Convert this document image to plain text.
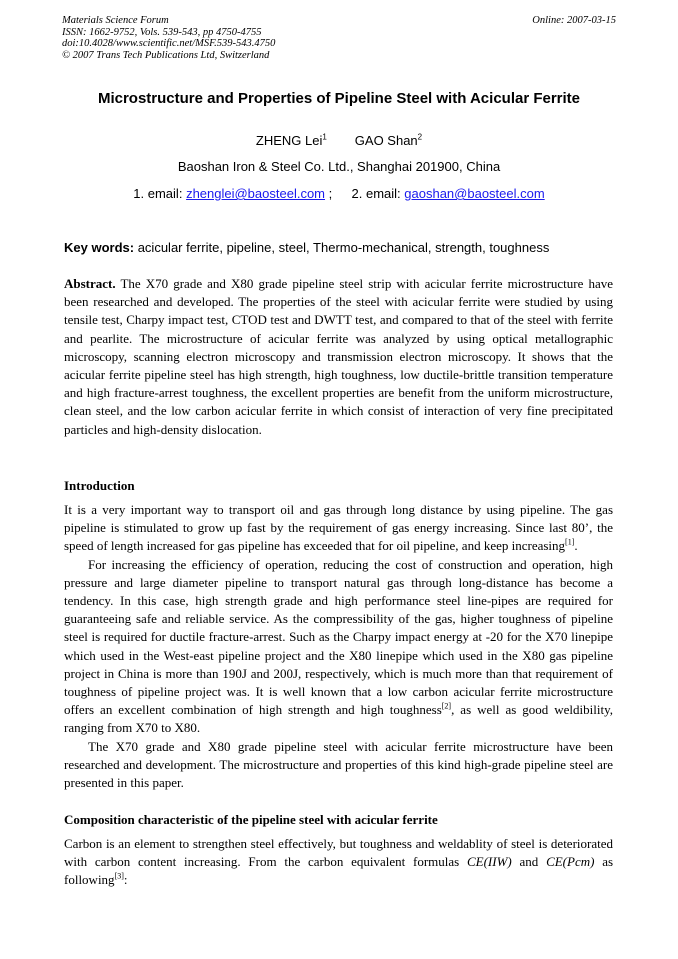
Materials Science Forum
ISSN: 1662-9752, Vols. 539-543, pp 4750-4755
doi:10.4028/www.scientific.net/MSF.539-543.4750
© 2007 Trans Tech Publications Ltd, Switzerland
Online: 2007-03-15
Microstructure and Properties of Pipeline Steel with Acicular Ferrite
ZHENG Lei$^1$ GAO Shan$^2$
Baoshan Iron & Steel Co. Ltd., Shanghai 201900, China
1. email: zhenglei@baosteel.com ; 2. email: gaoshan@baosteel.com
Key words: acicular ferrite, pipeline, steel, Thermo-mechanical, strength, toughness

Abstract. The X70 grade and X80 grade pipeline steel strip with acicular ferrite microstructure have been researched and developed. The properties of the steel with acicular ferrite were studied by using tensile test, Charpy impact test, CTOD test and DWTT test, and compared to that of the steel with ferrite and pearlite. The microstructure of acicular ferrite was analyzed by using optical metallographic microscopy, scanning electron microscopy and transmission electron microscopy. It shows that the acicular ferrite pipeline steel has high strength, high toughness, low ductile-brittle transition temperature and high fracture-arrest toughness, the excellent properties are benefit from the uniform microstructure, clean steel, and the low carbon acicular ferrite in which consist of interaction of very fine precipitated particles and high-density dislocation.

Introduction

It is a very important way to transport oil and gas through long distance by using pipeline. The gas pipeline is stimulated to grow up fast by the requirement of gas energy increasing. Since last 80’, the speed of length increased for gas pipeline has exceeded that for oil pipeline, and keep increasing[1].

For increasing the efficiency of operation, reducing the cost of construction and operation, high pressure and large diameter pipeline to transport natural gas through long-distance has become a tendency. In this case, high strength grade and high performance steel line-pipes are required for guaranteeing safe and reliable service. As the compressibility of the gas, higher toughness of pipeline steel is required for ductile fracture-arrest. Such as the Charpy impact energy at -20 for the X70 linepipe which used in the West-east pipeline project and the X80 linepipe which used in the X80 gas pipeline project in China is more than 190J and 200J, respectively, which is much more than that requirement of toughness of pipeline project was. It is well known that a low carbon acicular ferrite microstructure offers an excellent combination of high strength and high toughness[2], as well as good weldibility, ranging from X70 to X80.

The X70 grade and X80 grade pipeline steel with acicular ferrite microstructure have been researched and development. The microstructure and properties of this kind high-grade pipeline steel are presented in this paper.

Composition characteristic of the pipeline steel with acicular ferrite

Carbon is an element to strengthen steel effectively, but toughness and weldablity of steel is deteriorated with carbon content increasing. From the carbon equivalent formulas CE(IIW) and CE(Pcm) as following[3]:
